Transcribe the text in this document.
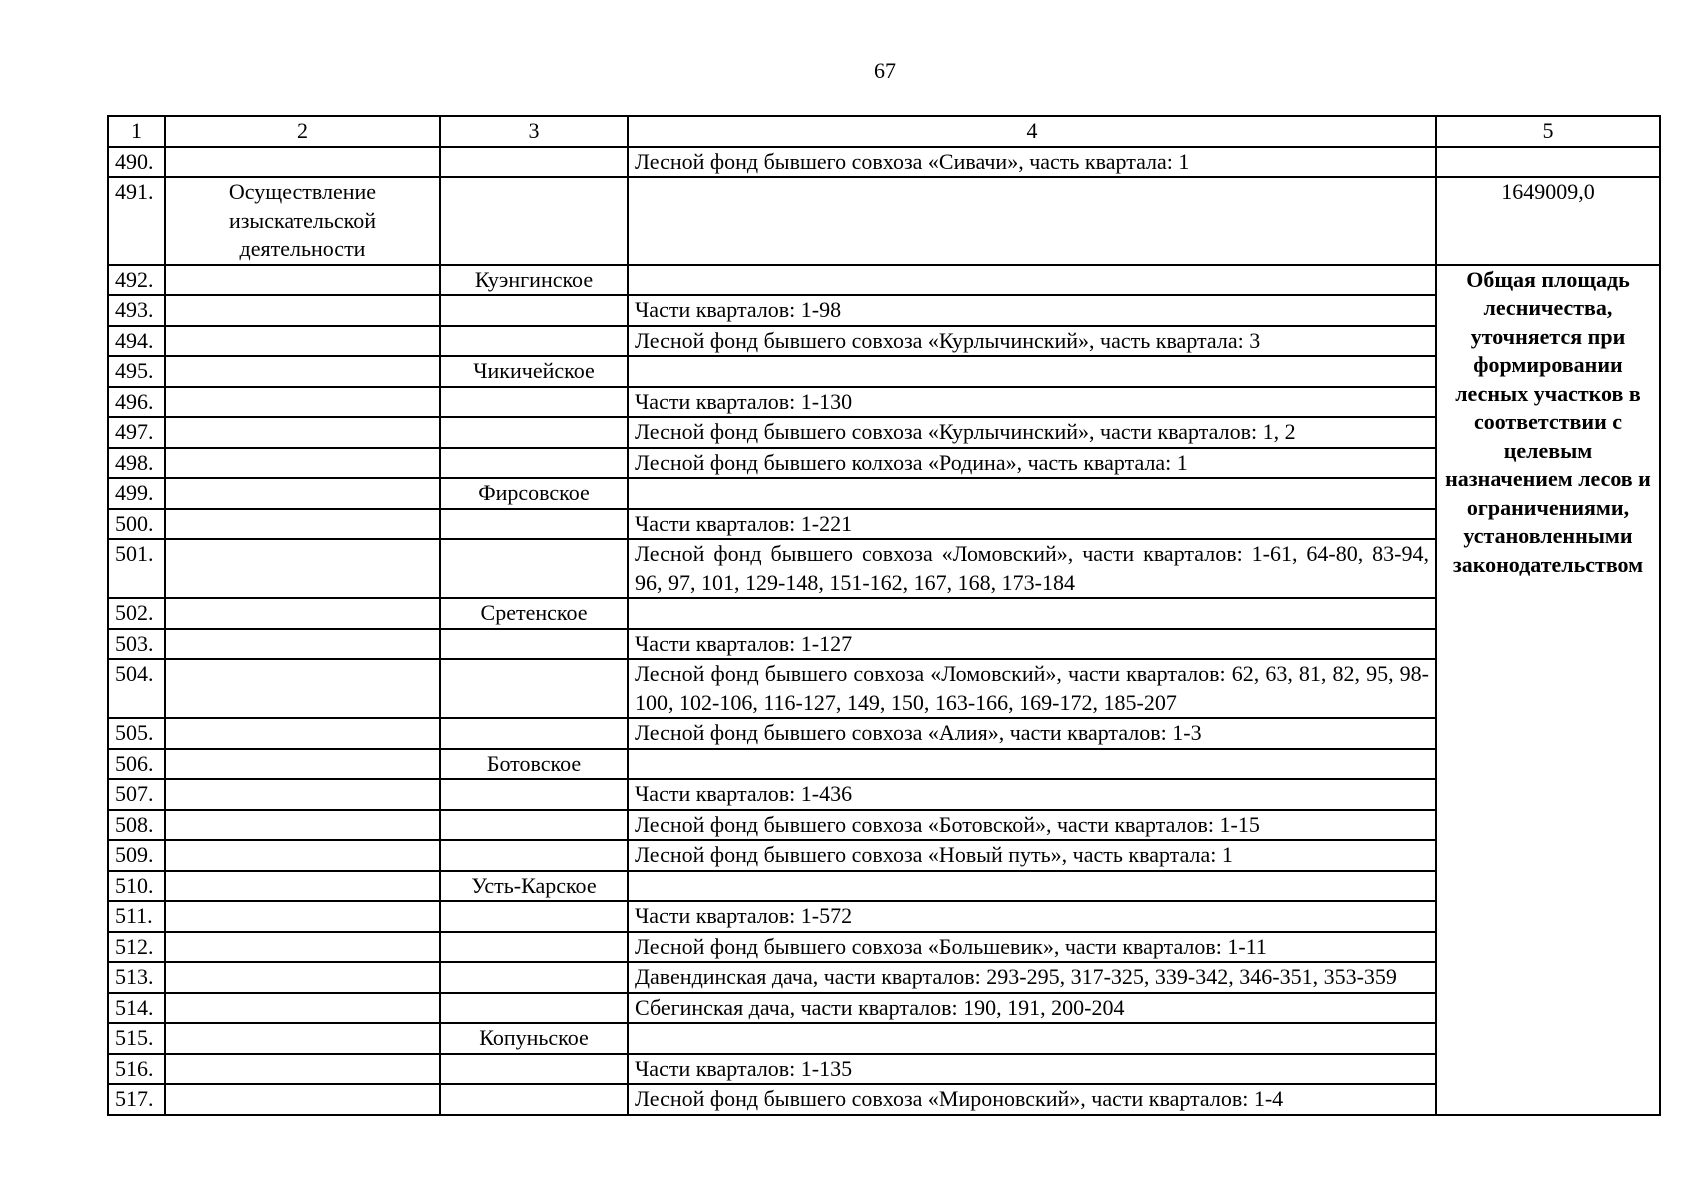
67
1	2	3	4	5
490.			Лесной фонд бывшего совхоза «Сивачи», часть квартала: 1	
491.	Осуществление изыскательской деятельности			1649009,0
492.		Куэнгинское		Общая площадь лесничества, уточняется при формировании лесных участков в соответствии с целевым назначением лесов и ограничениями, установленными законодательством
493.			Части кварталов: 1-98	
494.			Лесной фонд бывшего совхоза «Курлычинский», часть квартала: 3	
495.		Чикичейское		
496.			Части кварталов: 1-130	
497.			Лесной фонд бывшего совхоза «Курлычинский», части кварталов: 1, 2	
498.			Лесной фонд бывшего колхоза «Родина», часть квартала: 1	
499.		Фирсовское		
500.			Части кварталов: 1-221	
501.			Лесной фонд бывшего совхоза «Ломовский», части кварталов: 1-61, 64-80, 83-94, 96, 97, 101, 129-148, 151-162, 167, 168, 173-184	
502.		Сретенское		
503.			Части кварталов: 1-127	
504.			Лесной фонд бывшего совхоза «Ломовский», части кварталов: 62, 63, 81, 82, 95, 98-100, 102-106, 116-127, 149, 150, 163-166, 169-172, 185-207	
505.			Лесной фонд бывшего совхоза «Алия», части кварталов: 1-3	
506.		Ботовское		
507.			Части кварталов: 1-436	
508.			Лесной фонд бывшего совхоза «Ботовской», части кварталов: 1-15	
509.			Лесной фонд бывшего совхоза «Новый путь», часть квартала: 1	
510.		Усть-Карское		
511.			Части кварталов: 1-572	
512.			Лесной фонд бывшего совхоза «Большевик», части кварталов: 1-11	
513.			Давендинская дача, части кварталов: 293-295, 317-325, 339-342, 346-351, 353-359	
514.			Сбегинская дача, части кварталов: 190, 191, 200-204	
515.		Копуньское		
516.			Части кварталов: 1-135	
517.			Лесной фонд бывшего совхоза «Мироновский», части кварталов: 1-4	
